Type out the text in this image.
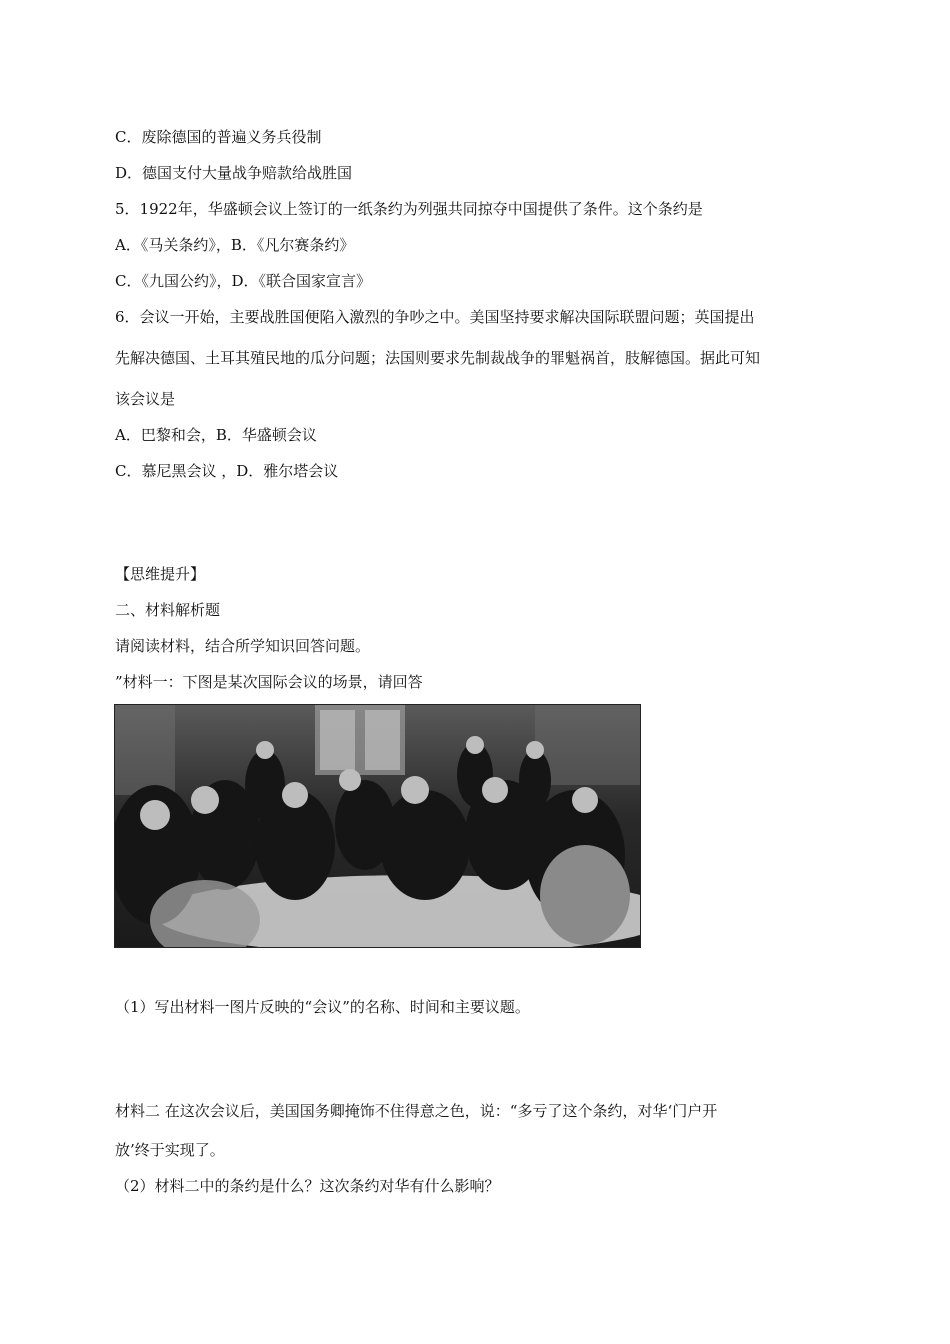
C．废除德国的普遍义务兵役制
D．德国支付大量战争赔款给战胜国
5．1922年，华盛顿会议上签订的一纸条约为列强共同掠夺中国提供了条件。这个条约是
A．《马关条约》，B．《凡尔赛条约》
C．《九国公约》，D．《联合国家宣言》
6．会议一开始，主要战胜国便陷入激烈的争吵之中。美国坚持要求解决国际联盟问题；英国提出
先解决德国、土耳其殖民地的瓜分问题；法国则要求先制裁战争的罪魁祸首，肢解德国。据此可知
该会议是
A．巴黎和会，B．华盛顿会议
C．慕尼黑会议 ，D．雅尔塔会议
【思维提升】
二、材料解析题
请阅读材料，结合所学知识回答问题。
”材料一：下图是某次国际会议的场景，请回答
（1）写出材料一图片反映的“会议”的名称、时间和主要议题。
材料二 在这次会议后，美国国务卿掩饰不住得意之色，说：“多亏了这个条约，对华‘门户开
放’终于实现了。
（2）材料二中的条约是什么？这次条约对华有什么影响？
